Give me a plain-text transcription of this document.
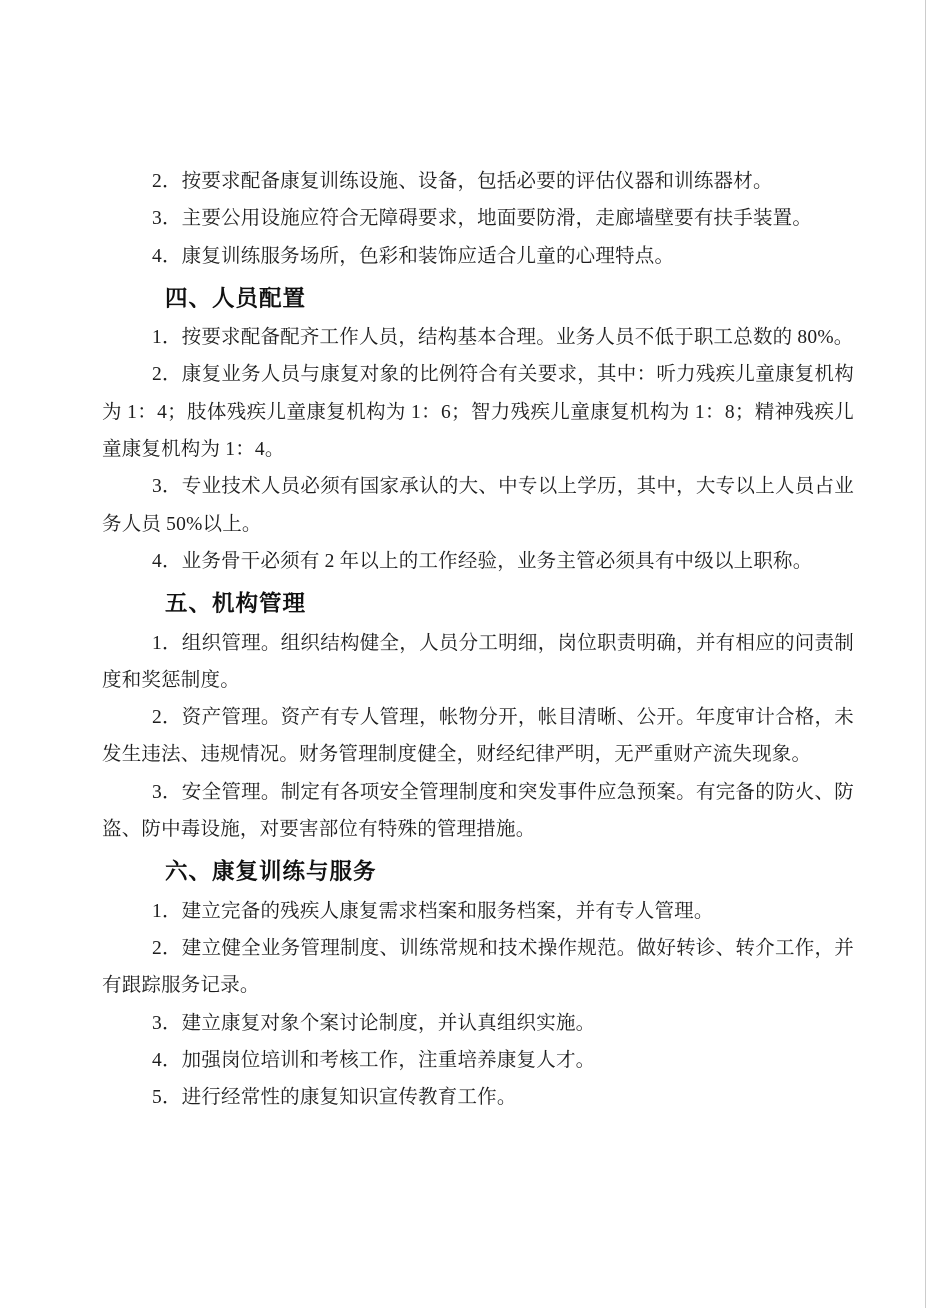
2．按要求配备康复训练设施、设备，包括必要的评估仪器和训练器材。

3．主要公用设施应符合无障碍要求，地面要防滑，走廊墙壁要有扶手装置。

4．康复训练服务场所，色彩和装饰应适合儿童的心理特点。

四、人员配置

1．按要求配备配齐工作人员，结构基本合理。业务人员不低于职工总数的 80%。

2．康复业务人员与康复对象的比例符合有关要求，其中：听力残疾儿童康复机构为 1：4；肢体残疾儿童康复机构为 1：6；智力残疾儿童康复机构为 1：8；精神残疾儿童康复机构为 1：4。

3．专业技术人员必须有国家承认的大、中专以上学历，其中，大专以上人员占业务人员 50%以上。

4．业务骨干必须有 2 年以上的工作经验，业务主管必须具有中级以上职称。

五、机构管理

1．组织管理。组织结构健全，人员分工明细，岗位职责明确，并有相应的问责制度和奖惩制度。

2．资产管理。资产有专人管理，帐物分开，帐目清晰、公开。年度审计合格，未发生违法、违规情况。财务管理制度健全，财经纪律严明，无严重财产流失现象。

3．安全管理。制定有各项安全管理制度和突发事件应急预案。有完备的防火、防盗、防中毒设施，对要害部位有特殊的管理措施。

六、康复训练与服务

1．建立完备的残疾人康复需求档案和服务档案，并有专人管理。

2．建立健全业务管理制度、训练常规和技术操作规范。做好转诊、转介工作，并有跟踪服务记录。

3．建立康复对象个案讨论制度，并认真组织实施。

4．加强岗位培训和考核工作，注重培养康复人才。

5．进行经常性的康复知识宣传教育工作。
